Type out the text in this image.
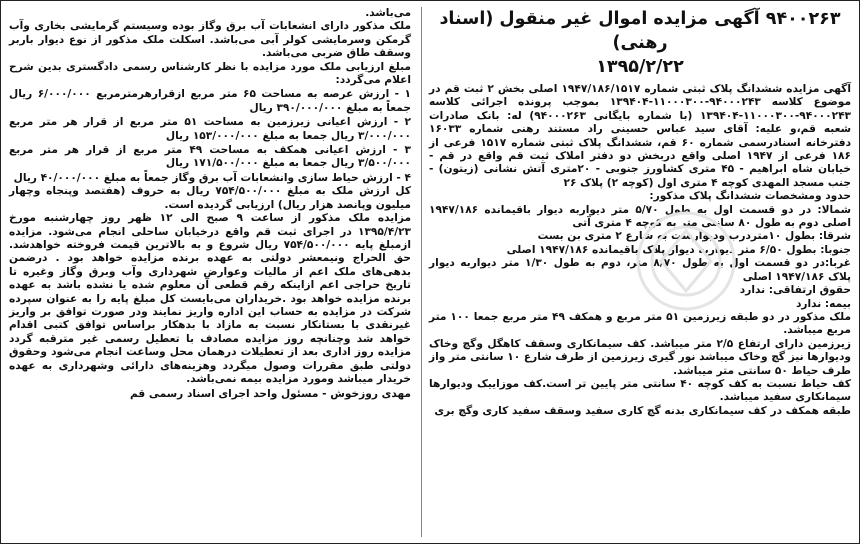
۹۴۰۰۲۶۳ آگهی مزایده اموال غیر منقول (اسناد رهنی)
۱۳۹۵/۲/۲۲

آگهی مزایده ششدانگ پلاک ثبتی شماره ۱۹۴۷/۱۸۶/۱۵۱۷ اصلی بخش ۲ ثبت قم در موضوع کلاسه ۹۴۰۰۰۲۴۳-۱۱۰۰۰۳۰۰-۱۳۹۴۰۴ بموجب پرونده اجرائی کلاسه ۹۴۰۰۰۲۴۳-۱۱۰۰۰۳۰۰-۱۳۹۴۰۴ (با شماره بایگانی ۹۴۰۰۰۲۶۳) له: بانک صادرات شعبه قم،و علیه: آقای سید عباس حسینی راد مستند رهنی شماره ۱۶۰۳۳ دفترخانه اسنادرسمی شماره ۶۰ قم، ششدانگ پلاک ثبتی شماره ۱۵۱۷ فرعی از ۱۸۶ فرعی از ۱۹۴۷ اصلی واقع دربخش دو دفتر املاک ثبت قم واقع در قم - خیابان شاه ابراهیم - ۴۵ متری کشاورز جنوبی - ۲۰متری آتش نشانی (زیتون) - جنب مسجد المهدی کوچه ۴ متری اول (کوچه ۲) پلاک ۲۶

حدود ومشخصات ششدانگ پلاک مذکور:

شمالا: در دو قسمت اول به طول ۵/۷۰ متر دیواربه دیوار باقیمانده ۱۹۴۷/۱۸۶ اصلی دوم به طول ۸۰ سانتی متر به کوچه ۴ متری آتی

شرقا: بطول ۱۰متردرب ودیوارست به شارع ۲ متری بن بست

جنوبا: بطول ۶/۵۰ متر دیواربه دیوار پلاک باقیمانده ۱۹۴۷/۱۸۶ اصلی

غربا:در دو قسمت اول به طول ۸/۷۰ متر، دوم به طول ۱/۳۰ متر دیواربه دیوار پلاک ۱۹۴۷/۱۸۶ اصلی

حقوق ارتفاقی: ندارد

بیمه: ندارد

ملک مذکور در دو طبقه زیرزمین ۵۱ متر مربع و همکف ۴۹ متر مربع جمعا ۱۰۰ متر مربع میباشد.

زیرزمین دارای ارتفاع ۲/۵ متر میباشد. کف سیمانکاری وسقف کاهگل وگچ وخاک ودیوارها نیز گچ وخاک میباشد نور گیری زیرزمین از طرف شارع ۱۰ سانتی متر واز طرف حیاط ۵۰ سانتی متر میباشد.

کف حیاط نسبت به کف کوچه ۴۰ سانتی متر پایین تر است.کف موزاییک ودیوارها سیمانکاری سفید میباشد.

طبقه همکف در کف سیمانکاری بدنه گچ کاری سفید وسقف سفید کاری وگچ بری

می‌باشد.

ملک مذکور دارای انشعابات آب برق وگاز بوده وسیستم گرمایشی بخاری وآب گرمکن وسرمایشی کولر آبی می‌باشد. اسکلت ملک مذکور از نوع دیوار باربر وسقف طاق ضربی می‌باشد.

مبلغ ارزیابی ملک مورد مزایده با نظر کارشناس رسمی دادگستری بدین شرح اعلام می‌گردد:

۱ - ارزش عرصه به مساحت ۶۵ متر مربع ازقرارهرمترمربع ۶/۰۰۰/۰۰۰ ریال جمعاً به مبلغ ۳۹۰/۰۰۰/۰۰۰ ریال

۲ - ارزش اعیانی زیرزمین به مساحت ۵۱ متر مربع از قرار هر متر مربع ۳/۰۰۰/۰۰۰ ریال جمعا به مبلغ ۱۵۳/۰۰۰/۰۰۰ ریال

۳ - ارزش اعیانی همکف به مساحت ۴۹ متر مربع از قرار هر متر مربع ۳/۵۰۰/۰۰۰ ریال جمعا به مبلغ ۱۷۱/۵۰۰/۰۰۰ ریال

۴ - ارزش حیاط سازی وانشعابات آب برق وگاز جمعاً به مبلغ ۴۰/۰۰۰/۰۰۰ ریال

کل ارزش ملک به مبلغ ۷۵۴/۵۰۰/۰۰۰ ریال به حروف (هفتصد وپنجاه وچهار میلیون وپانصد هزار ریال) ارزیابی گردیده است.

مزایده ملک مذکور از ساعت ۹ صبح الی ۱۲ ظهر روز چهارشنبه مورخ ۱۳۹۵/۴/۲۳ در اجرای ثبت قم واقع درخیابان ساحلی انجام می‌شود. مزایده ازمبلغ پایه ۷۵۴/۵۰۰/۰۰۰ ریال شروع و به بالاترین قیمت فروخته خواهدشد. حق الحراج ونیمعشر دولتی به عهده برنده مزایده خواهد بود . درضمن بدهی‌های ملک اعم از مالیات وعوارض شهرداری وآب وبرق وگاز وغیره تا تاریخ حراجی اعم ازاینکه رقم قطعی آن معلوم شده یا نشده باشد به عهده برنده مزایده خواهد بود .خریداران می‌بایست کل مبلغ پایه را به عنوان سپرده شرکت در مزایده به حساب این اداره واریز نمایند ودر صورت توافق بر واریز غیرنقدی با بستانکار نسبت به مازاد با بدهکار براساس توافق کتبی اقدام خواهد شد وچنانچه روز مزایده مصادف با تعطیل رسمی غیر مترقبه گردد مزایده روز اداری بعد از تعطیلات درهمان محل وساعت انجام می‌شود وحقوق دولتی طبق مقررات وصول میگردد وهزینه‌های دارائی وشهرداری به عهده خریدار میباشد ومورد مزایده بیمه نمی‌باشد.

مهدی روزخوش - مسئول واحد اجرای اسناد رسمی قم
